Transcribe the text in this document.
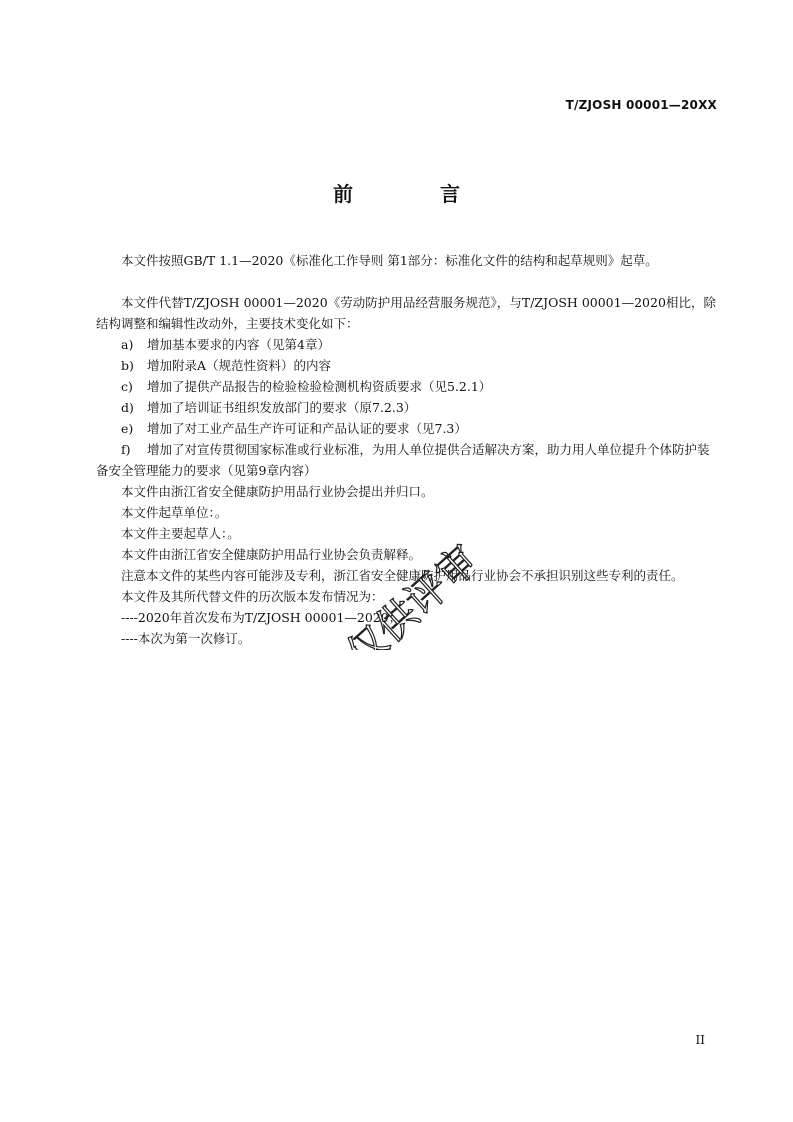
T/ZJOSH 00001—20XX
前 言

本文件按照GB/T 1.1—2020《标准化工作导则 第1部分：标准化文件的结构和起草规则》起草。

本文件代替T/ZJOSH 00001—2020《劳动防护用品经营服务规范》，与T/ZJOSH 00001—2020相比，除结构调整和编辑性改动外，主要技术变化如下：

a) 增加基本要求的内容（见第4章）

b) 增加附录A（规范性资料）的内容

c) 增加了提供产品报告的检验检验检测机构资质要求（见5.2.1）

d) 增加了培训证书组织发放部门的要求（原7.2.3）

e) 增加了对工业产品生产许可证和产品认证的要求（见7.3）

f) 增加了对宣传贯彻国家标准或行业标准，为用人单位提供合适解决方案，助力用人单位提升个体防护装备安全管理能力的要求（见第9章内容）

本文件由浙江省安全健康防护用品行业协会提出并归口。

本文件起草单位：。

本文件主要起草人：。

本文件由浙江省安全健康防护用品行业协会负责解释。

注意本文件的某些内容可能涉及专利，浙江省安全健康防护用品行业协会不承担识别这些专利的责任。

本文件及其所代替文件的历次版本发布情况为：

----2020年首次发布为T/ZJOSH 00001—2020；

----本次为第一次修订。	仅供评审
II
